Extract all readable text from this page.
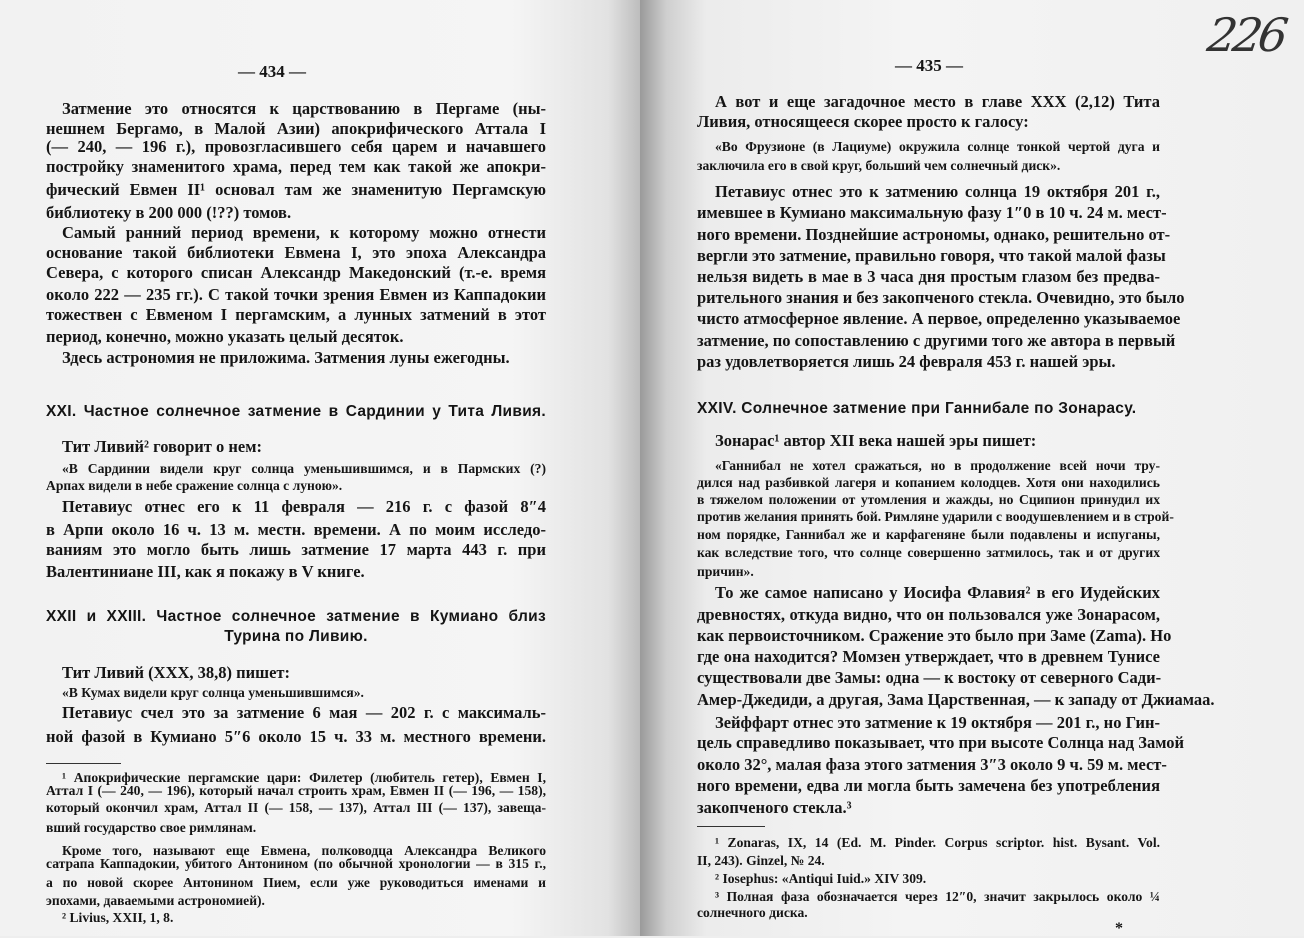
— 434 —
Затмение это относятся к царствованию в Пергаме (ны-
нешнем Бергамо, в Малой Азии) апокрифического Аттала I
(— 240, — 196 г.), провозгласившего себя царем и начавшего
постройку знаменитого храма, перед тем как такой же апокри-
фический Евмен II¹ основал там же знаменитую Пергамскую
библиотеку в 200 000 (!??) томов.
Самый ранний период времени, к которому можно отнести
основание такой библиотеки Евмена I, это эпоха Александра
Севера, с которого списан Александр Македонский (т.-е. время
около 222 — 235 гг.). С такой точки зрения Евмен из Каппадокии
тожествен с Евменом I пергамским, а лунных затмений в этот
период, конечно, можно указать целый десяток.
Здесь астрономия не приложима. Затмения луны ежегодны.
XXI. Частное солнечное затмение в Сардинии у Тита Ливия.
Тит Ливий² говорит о нем:
«В Сардинии видели круг солнца уменьшившимся, и в Пармских (?)
Арпах видели в небе сражение солнца с луною».
Петавиус отнес его к 11 февраля — 216 г. с фазой 8″4
в Арпи около 16 ч. 13 м. местн. времени. А по моим исследо-
ваниям это могло быть лишь затмение 17 марта 443 г. при
Валентиниане III, как я покажу в V книге.
XXII и XXIII. Частное солнечное затмение в Кумиано близ
Турина по Ливию.
Тит Ливий (XXX, 38,8) пишет:
«В Кумах видели круг солнца уменьшившимся».
Петавиус счел это за затмение 6 мая — 202 г. с максималь-
ной фазой в Кумиано 5″6 около 15 ч. 33 м. местного времени.
¹ Апокрифические пергамские цари: Филетер (любитель гетер), Евмен I,
Аттал I (— 240, — 196), который начал строить храм, Евмен II (— 196, — 158),
который окончил храм, Аттал II (— 158, — 137), Аттал III (— 137), завеща-
вший государство свое римлянам.
Кроме того, называют еще Евмена, полководца Александра Великого
сатрапа Каппадокии, убитого Антонином (по обычной хронологии — в 315 г.,
а по новой скорее Антонином Пием, если уже руководиться именами и
эпохами, даваемыми астрономией).
² Livius, XXII, 1, 8.
— 435 —
226
*
А вот и еще загадочное место в главе XXX (2,12) Тита
Ливия, относящееся скорее просто к галосу:
«Во Фрузионе (в Лациуме) окружила солнце тонкой чертой дуга и
заключила его в свой круг, больший чем солнечный диск».
Петавиус отнес это к затмению солнца 19 октября 201 г.,
имевшее в Кумиано максимальную фазу 1″0 в 10 ч. 24 м. мест-
ного времени. Позднейшие астрономы, однако, решительно от-
вергли это затмение, правильно говоря, что такой малой фазы
нельзя видеть в мае в 3 часа дня простым глазом без предва-
рительного знания и без закопченого стекла. Очевидно, это было
чисто атмосферное явление. А первое, определенно указываемое
затмение, по сопоставлению с другими того же автора в первый
раз удовлетворяется лишь 24 февраля 453 г. нашей эры.
XXIV. Солнечное затмение при Ганнибале по Зонарасу.
Зонарас¹ автор XII века нашей эры пишет:
«Ганнибал не хотел сражаться, но в продолжение всей ночи тру-
дился над разбивкой лагеря и копанием колодцев. Хотя они находились
в тяжелом положении от утомления и жажды, но Сципион принудил их
против желания принять бой. Римляне ударили с воодушевлением и в строй-
ном порядке, Ганнибал же и карфагеняне были подавлены и испуганы,
как вследствие того, что солнце совершенно затмилось, так и от других
причин».
То же самое написано у Иосифа Флавия² в его Иудейских
древностях, откуда видно, что он пользовался уже Зонарасом,
как первоисточником. Сражение это было при Заме (Zama). Но
где она находится? Момзен утверждает, что в древнем Тунисе
существовали две Замы: одна — к востоку от северного Сади-
Амер-Джедиди, а другая, Зама Царственная, — к западу от Джиамаа.
Зейффарт отнес это затмение к 19 октября — 201 г., но Гин-
цель справедливо показывает, что при высоте Солнца над Замой
около 32°, малая фаза этого затмения 3″3 около 9 ч. 59 м. мест-
ного времени, едва ли могла быть замечена без употребления
закопченого стекла.³
¹ Zonaras, IX, 14 (Ed. M. Pinder. Corpus scriptor. hist. Bysant. Vol.
II, 243). Ginzel, № 24.
² Iosephus: «Antiqui Iuid.» XIV 309.
³ Полная фаза обозначается через 12″0, значит закрылось около ¼
солнечного диска.
